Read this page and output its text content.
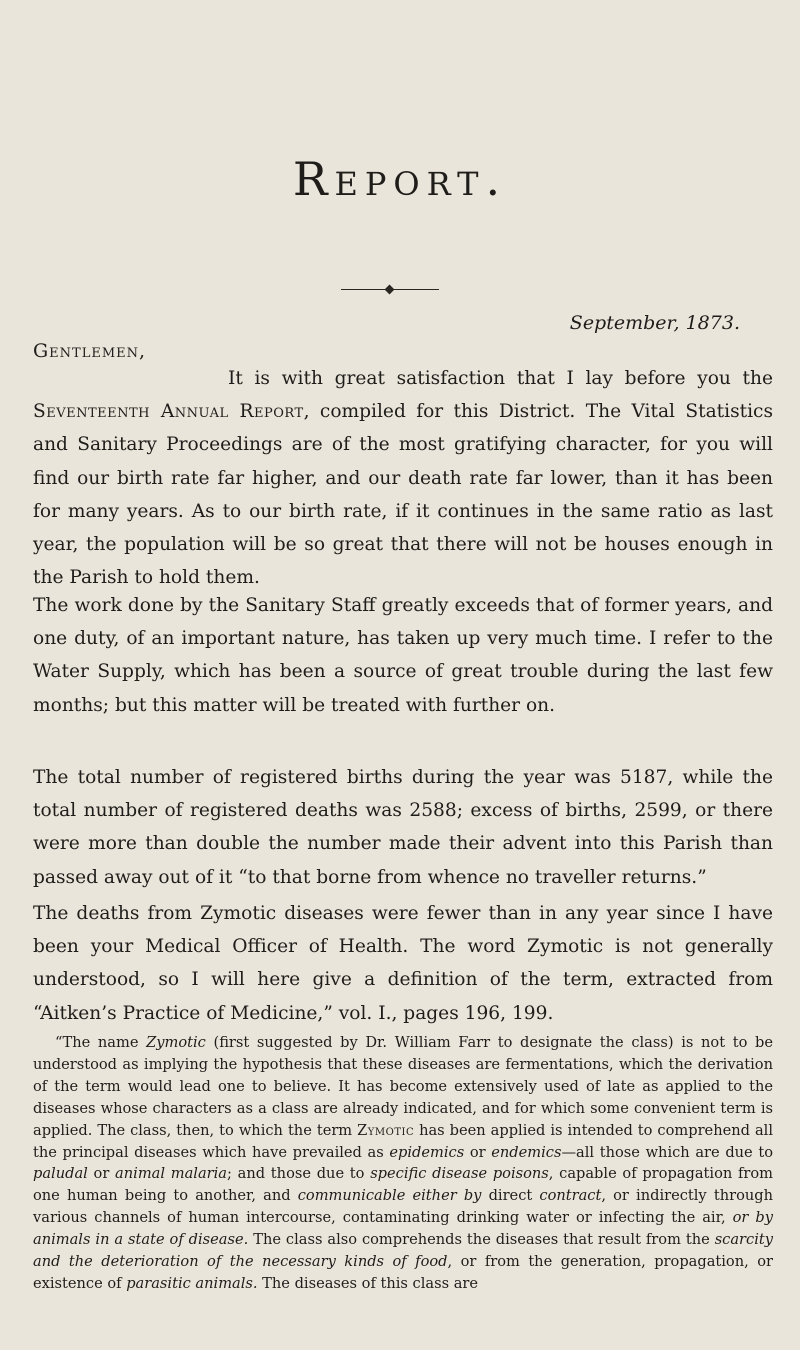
Report.
September, 1873.
Gentlemen,

It is with great satisfaction that I lay before you the Seventeenth Annual Report, compiled for this District. The Vital Statistics and Sanitary Proceedings are of the most gratifying character, for you will find our birth rate far higher, and our death rate far lower, than it has been for many years. As to our birth rate, if it continues in the same ratio as last year, the population will be so great that there will not be houses enough in the Parish to hold them.

The work done by the Sanitary Staff greatly exceeds that of former years, and one duty, of an important nature, has taken up very much time. I refer to the Water Supply, which has been a source of great trouble during the last few months; but this matter will be treated with further on.

The total number of registered births during the year was 5187, while the total number of registered deaths was 2588; excess of births, 2599, or there were more than double the number made their advent into this Parish than passed away out of it “to that borne from whence no traveller returns.”

The deaths from Zymotic diseases were fewer than in any year since I have been your Medical Officer of Health. The word Zymotic is not generally understood, so I will here give a definition of the term, extracted from “Aitken’s Practice of Medicine,” vol. I., pages 196, 199.

“The name Zymotic (first suggested by Dr. William Farr to designate the class) is not to be understood as implying the hypothesis that these diseases are fermentations, which the derivation of the term would lead one to believe. It has become extensively used of late as applied to the diseases whose characters as a class are already indicated, and for which some convenient term is applied. The class, then, to which the term Zymotic has been applied is intended to comprehend all the principal diseases which have prevailed as epidemics or endemics—all those which are due to paludal or animal malaria; and those due to specific disease poisons, capable of propagation from one human being to another, and communicable either by direct contract, or indirectly through various channels of human intercourse, contaminating drinking water or infecting the air, or by animals in a state of disease. The class also comprehends the diseases that result from the scarcity and the deterioration of the necessary kinds of food, or from the generation, propagation, or existence of parasitic animals. The diseases of this class are
